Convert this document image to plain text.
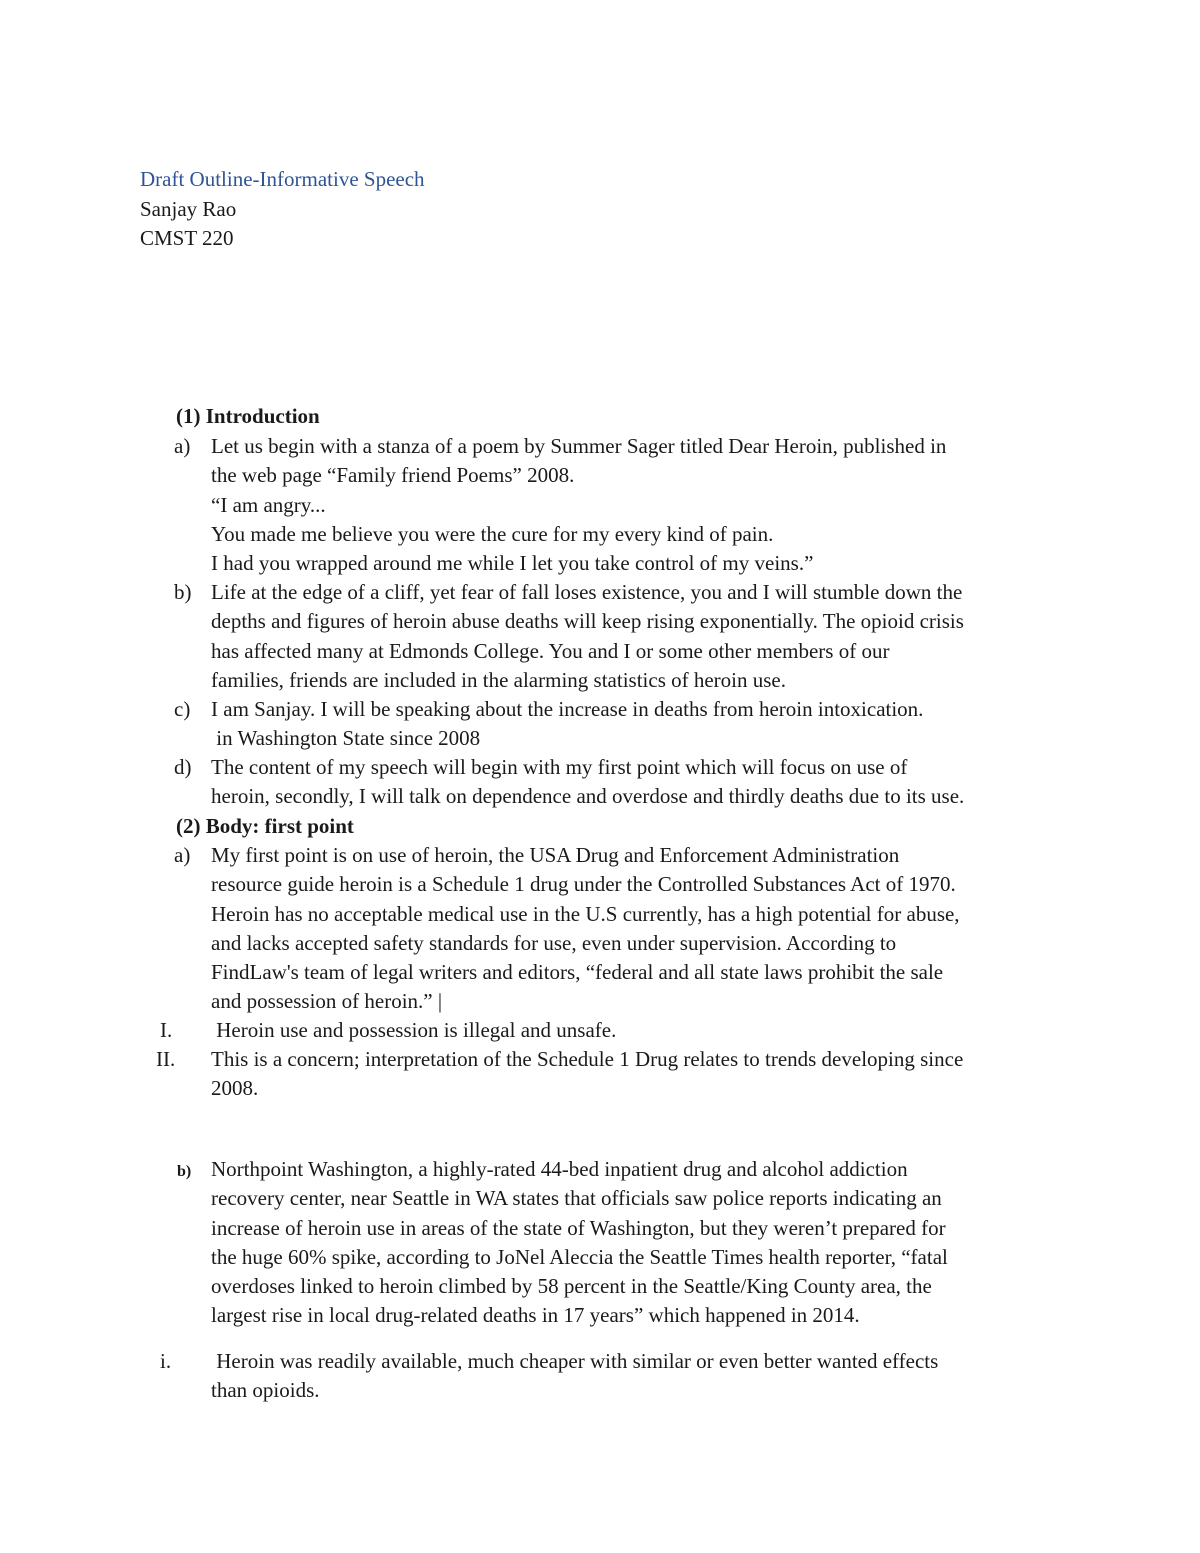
Draft Outline-Informative Speech
Sanjay Rao
CMST 220
(1) Introduction
a) Let us begin with a stanza of a poem by Summer Sager titled Dear Heroin, published in
the web page “Family friend Poems” 2008.
“I am angry...
You made me believe you were the cure for my every kind of pain.
I had you wrapped around me while I let you take control of my veins.”
b) Life at the edge of a cliff, yet fear of fall loses existence, you and I will stumble down the
depths and figures of heroin abuse deaths will keep rising exponentially. The opioid crisis
has affected many at Edmonds College. You and I or some other members of our
families, friends are included in the alarming statistics of heroin use.
c) I am Sanjay. I will be speaking about the increase in deaths from heroin intoxication.
in Washington State since 2008
d) The content of my speech will begin with my first point which will focus on use of
heroin, secondly, I will talk on dependence and overdose and thirdly deaths due to its use.
(2) Body: first point
a) My first point is on use of heroin, the USA Drug and Enforcement Administration
resource guide heroin is a Schedule 1 drug under the Controlled Substances Act of 1970.
Heroin has no acceptable medical use in the U.S currently, has a high potential for abuse,
and lacks accepted safety standards for use, even under supervision. According to
FindLaw's team of legal writers and editors, “federal and all state laws prohibit the sale
and possession of heroin.” |
I. Heroin use and possession is illegal and unsafe.
II. This is a concern; interpretation of the Schedule 1 Drug relates to trends developing since
2008.
b) Northpoint Washington, a highly-rated 44-bed inpatient drug and alcohol addiction
recovery center, near Seattle in WA states that officials saw police reports indicating an
increase of heroin use in areas of the state of Washington, but they weren’t prepared for
the huge 60% spike, according to JoNel Aleccia the Seattle Times health reporter, “fatal
overdoses linked to heroin climbed by 58 percent in the Seattle/King County area, the
largest rise in local drug-related deaths in 17 years” which happened in 2014.
i. Heroin was readily available, much cheaper with similar or even better wanted effects
than opioids.
